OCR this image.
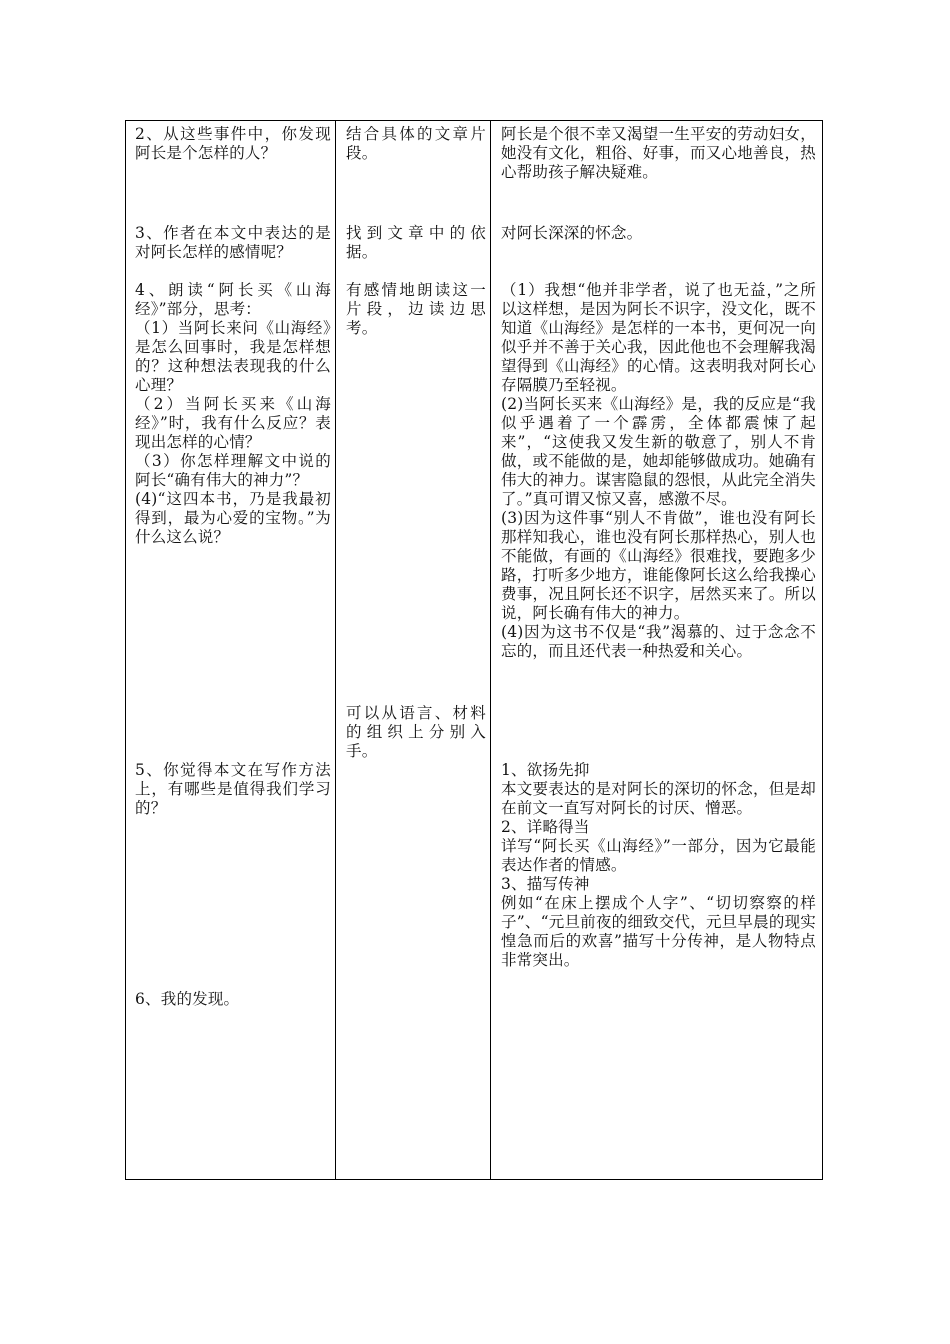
2、从这些事件中，你发现阿长是个怎样的人？
3、作者在本文中表达的是对阿长怎样的感情呢？
4、朗读“阿长买《山海经》”部分，思考：
（1）当阿长来问《山海经》是怎么回事时，我是怎样想的？这种想法表现我的什么心理？
（2）当阿长买来《山海经》”时，我有什么反应？表现出怎样的心情？
（3）你怎样理解文中说的阿长“确有伟大的神力”？
(4)“这四本书，乃是我最初得到，最为心爱的宝物。”为什么这么说？
5、你觉得本文在写作方法上，有哪些是值得我们学习的？
6、我的发现。
结合具体的文章片段。
找到文章中的依据。
有感情地朗读这一片段，边读边思考。
可以从语言、材料的组织上分别入手。
阿长是个很不幸又渴望一生平安的劳动妇女，她没有文化，粗俗、好事，而又心地善良，热心帮助孩子解决疑难。
对阿长深深的怀念。
（1）我想“他并非学者，说了也无益，”之所以这样想，是因为阿长不识字，没文化，既不知道《山海经》是怎样的一本书，更何况一向似乎并不善于关心我，因此他也不会理解我渴望得到《山海经》的心情。这表明我对阿长心存隔膜乃至轻视。
(2)当阿长买来《山海经》是，我的反应是“我似乎遇着了一个霹雳，全体都震悚了起来”，“这使我又发生新的敬意了，别人不肯做，或不能做的是，她却能够做成功。她确有伟大的神力。谋害隐鼠的怨恨，从此完全消失了。”真可谓又惊又喜，感激不尽。
(3)因为这件事“别人不肯做”，谁也没有阿长那样知我心，谁也没有阿长那样热心，别人也不能做，有画的《山海经》很难找，要跑多少路，打听多少地方，谁能像阿长这么给我操心费事，况且阿长还不识字，居然买来了。所以说，阿长确有伟大的神力。
(4)因为这书不仅是“我”渴慕的、过于念念不忘的，而且还代表一种热爱和关心。
1、欲扬先抑
本文要表达的是对阿长的深切的怀念，但是却在前文一直写对阿长的讨厌、憎恶。
2、详略得当
详写“阿长买《山海经》”一部分，因为它最能表达作者的情感。
3、描写传神
例如“在床上摆成个人字”、“切切察察的样子”、“元旦前夜的细致交代，元旦早晨的现实惶急而后的欢喜”描写十分传神，是人物特点非常突出。
